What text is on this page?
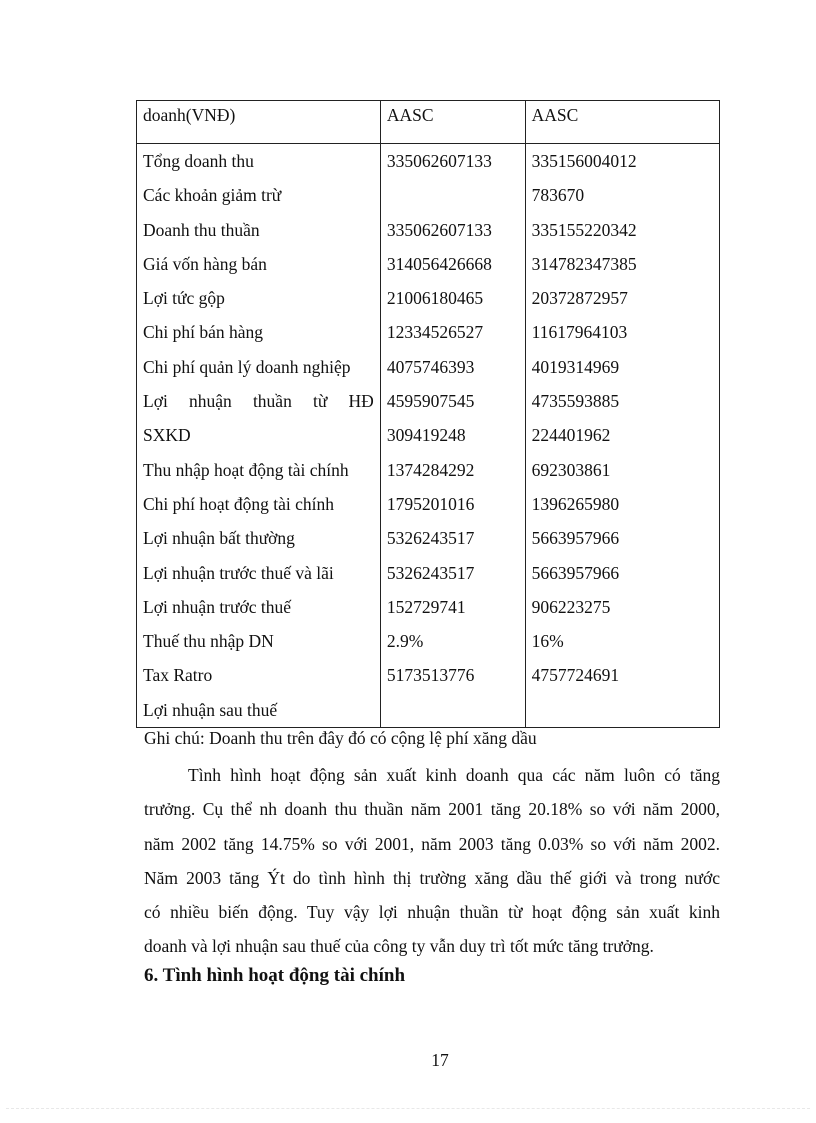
doanh(VNĐ)	AASC	AASC
Tổng doanh thu	335062607133	335156004012
Các khoản giảm trừ		783670
Doanh thu thuần	335062607133	335155220342
Giá vốn hàng bán	314056426668	314782347385
Lợi tức gộp	21006180465	20372872957
Chi phí bán hàng	12334526527	11617964103
Chi phí quản lý doanh nghiệp	4075746393	4019314969

Lợi nhuận thuần từ HĐ	4595907545	4735593885
SXKD	309419248	224401962
Thu nhập hoạt động tài chính	1374284292	692303861
Chi phí hoạt động tài chính	1795201016	1396265980
Lợi nhuận bất thường	5326243517	5663957966
Lợi nhuận trước thuế và lãi	5326243517	5663957966
Lợi nhuận trước thuế	152729741	906223275
Thuế thu nhập DN	2.9%	16%
Tax Ratro	5173513776	4757724691
Lợi nhuận sau thuế		
Ghi chú: Doanh thu trên đây đó có cộng lệ phí xăng dầu
Tình hình hoạt động sản xuất kinh doanh qua các năm luôn có tăng
trưởng. Cụ thể nh doanh thu thuần năm 2001 tăng 20.18% so với năm 2000,
năm 2002 tăng 14.75% so với 2001, năm 2003 tăng 0.03% so với năm 2002.
Năm 2003 tăng Ýt do tình hình thị trường xăng dầu thế giới và trong nước
có nhiều biến động. Tuy vậy lợi nhuận thuần từ hoạt động sản xuất kinh
doanh và lợi nhuận sau thuế của công ty vẫn duy trì tốt mức tăng trưởng.
6. Tình hình hoạt động tài chính
17
